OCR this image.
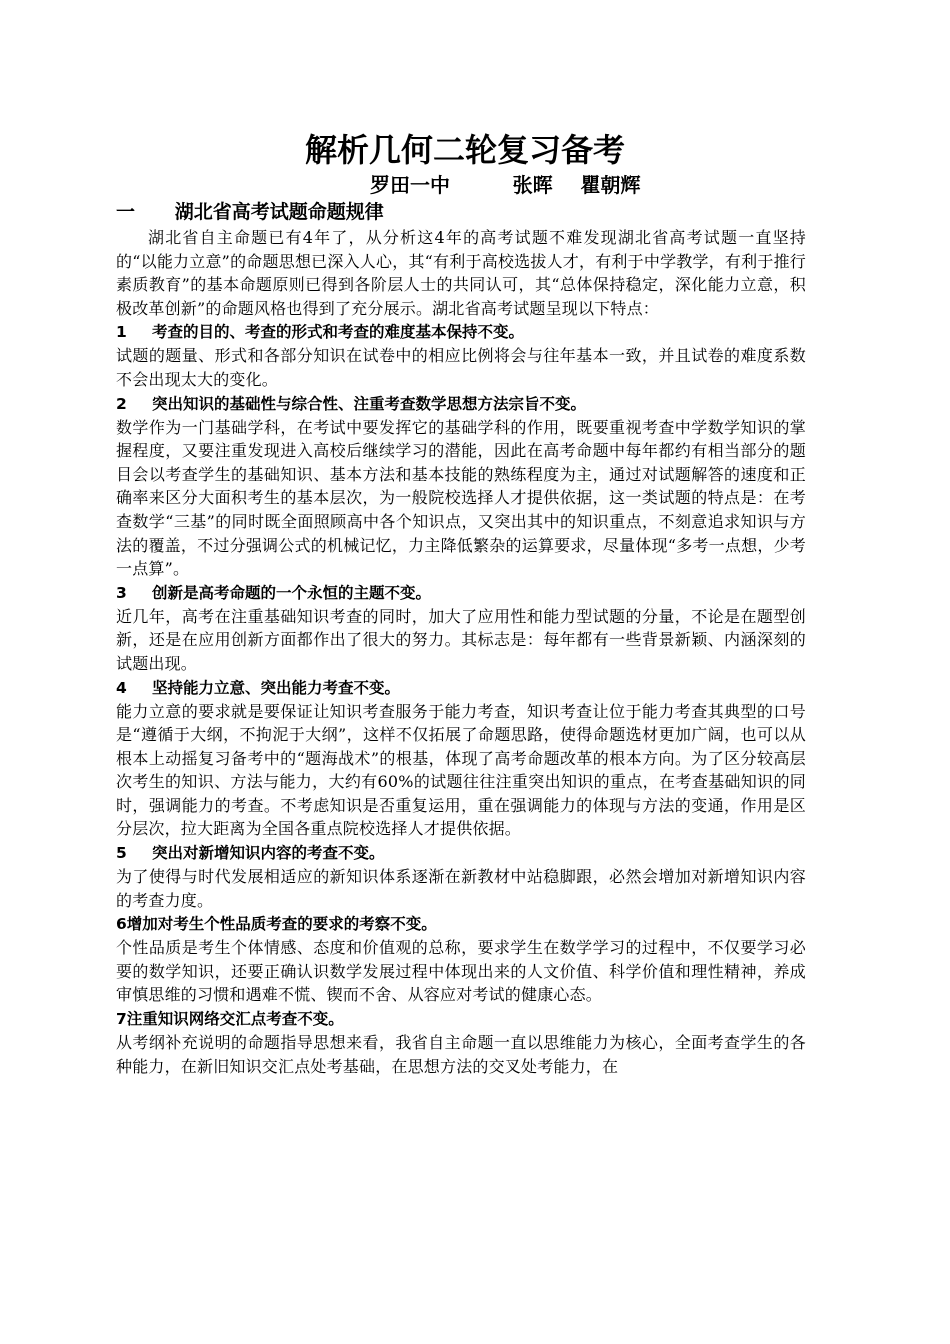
解析几何二轮复习备考

罗田一中         张晖    瞿朝辉

一 湖北省高考试题命题规律

湖北省自主命题已有4年了，从分析这4年的高考试题不难发现湖北省高考试题一直坚持的“以能力立意”的命题思想已深入人心，其“有利于高校选拔人才，有利于中学教学，有利于推行素质教育”的基本命题原则已得到各阶层人士的共同认可，其“总体保持稳定，深化能力立意，积极改革创新”的命题风格也得到了充分展示。湖北省高考试题呈现以下特点：

1 考查的目的、考查的形式和考查的难度基本保持不变。

试题的题量、形式和各部分知识在试卷中的相应比例将会与往年基本一致，并且试卷的难度系数不会出现太大的变化。

2 突出知识的基础性与综合性、注重考查数学思想方法宗旨不变。

数学作为一门基础学科，在考试中要发挥它的基础学科的作用，既要重视考查中学数学知识的掌握程度，又要注重发现进入高校后继续学习的潜能，因此在高考命题中每年都约有相当部分的题目会以考查学生的基础知识、基本方法和基本技能的熟练程度为主，通过对试题解答的速度和正确率来区分大面积考生的基本层次，为一般院校选择人才提供依据，这一类试题的特点是：在考查数学“三基”的同时既全面照顾高中各个知识点，又突出其中的知识重点，不刻意追求知识与方法的覆盖，不过分强调公式的机械记忆，力主降低繁杂的运算要求，尽量体现“多考一点想，少考一点算”。

3 创新是高考命题的一个永恒的主题不变。

近几年，高考在注重基础知识考查的同时，加大了应用性和能力型试题的分量，不论是在题型创新，还是在应用创新方面都作出了很大的努力。其标志是：每年都有一些背景新颖、内涵深刻的试题出现。

4 坚持能力立意、突出能力考查不变。

能力立意的要求就是要保证让知识考查服务于能力考查，知识考查让位于能力考查其典型的口号是“遵循于大纲，不拘泥于大纲”，这样不仅拓展了命题思路，使得命题选材更加广阔，也可以从根本上动摇复习备考中的“题海战术”的根基，体现了高考命题改革的根本方向。为了区分较高层次考生的知识、方法与能力，大约有60%的试题往往注重突出知识的重点，在考查基础知识的同时，强调能力的考查。不考虑知识是否重复运用，重在强调能力的体现与方法的变通，作用是区分层次，拉大距离为全国各重点院校选择人才提供依据。

5 突出对新增知识内容的考查不变。

为了使得与时代发展相适应的新知识体系逐渐在新教材中站稳脚跟，必然会增加对新增知识内容的考查力度。

6增加对考生个性品质考查的要求的考察不变。

个性品质是考生个体情感、态度和价值观的总称，要求学生在数学学习的过程中，不仅要学习必要的数学知识，还要正确认识数学发展过程中体现出来的人文价值、科学价值和理性精神，养成审慎思维的习惯和遇难不慌、锲而不舍、从容应对考试的健康心态。

7注重知识网络交汇点考查不变。

从考纲补充说明的命题指导思想来看，我省自主命题一直以思维能力为核心，全面考查学生的各种能力，在新旧知识交汇点处考基础，在思想方法的交叉处考能力，在
